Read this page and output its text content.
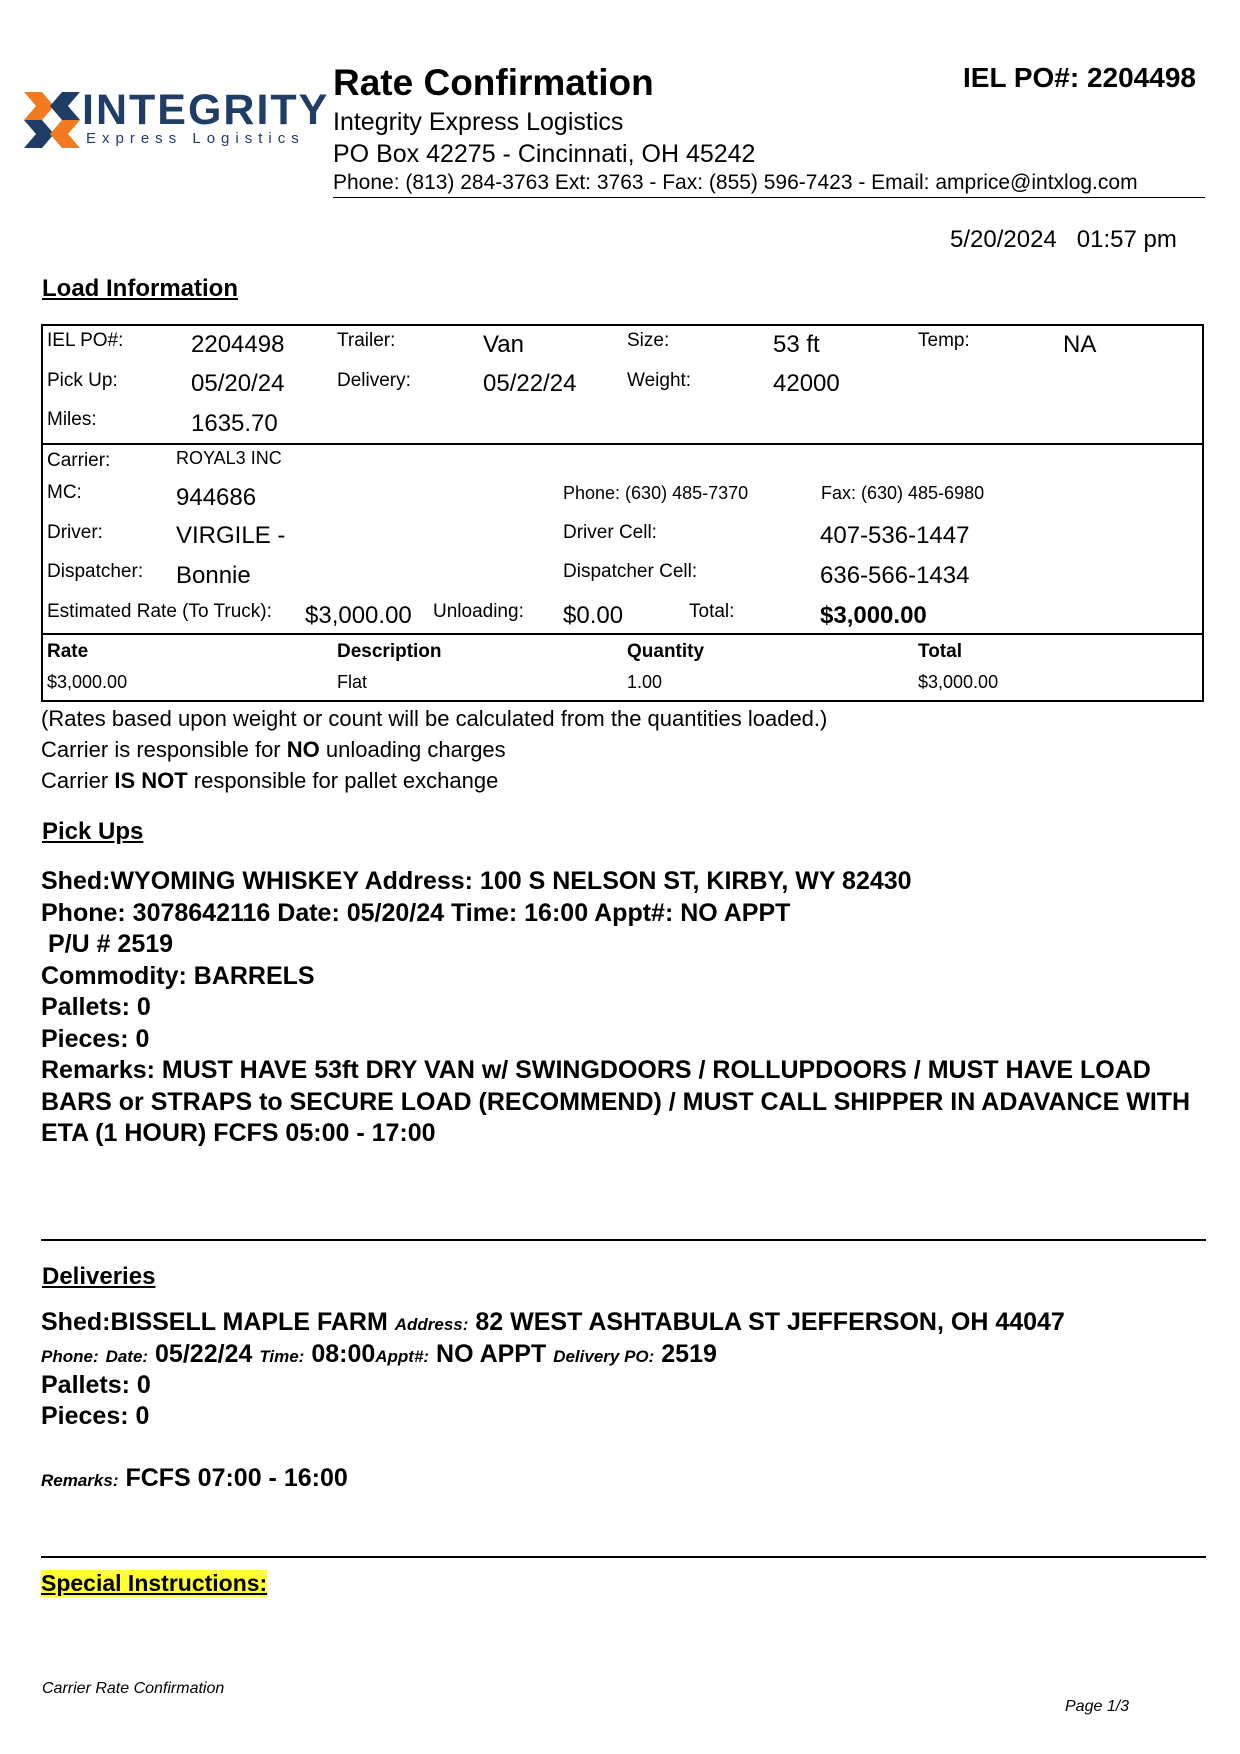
INTEGRITY
Express Logistics
Rate Confirmation	IEL PO#: 2204498
Integrity Express Logistics
PO Box 42275 - Cincinnati, OH 45242
Phone: (813) 284-3763 Ext: 3763 - Fax: (855) 596-7423 - Email: amprice@intxlog.com
5/20/2024 01:57 pm
Load Information
IEL PO#:	2204498	Trailer:	Van	Size:	53 ft	Temp:	NA
Pick Up:	05/20/24	Delivery:	05/22/24	Weight:	42000
Miles:	1635.70
Carrier:	ROYAL3 INC
MC:	944686	Phone: (630) 485-7370	Fax: (630) 485-6980
Driver:	VIRGILE -	Driver Cell:	407-536-1447
Dispatcher: Bonnie	Dispatcher Cell:	636-566-1434
Estimated Rate (To Truck): $3,000.00 Unloading: $0.00	Total:	$3,000.00
Rate	Description	Quantity	Total
$3,000.00	Flat	1.00	$3,000.00
(Rates based upon weight or count will be calculated from the quantities loaded.)
Carrier is responsible for NO unloading charges
Carrier IS NOT responsible for pallet exchange
Pick Ups
Shed:WYOMING WHISKEY Address: 100 S NELSON ST, KIRBY, WY 82430
Phone: 3078642116 Date: 05/20/24 Time: 16:00 Appt#: NO APPT
P/U # 2519
Commodity: BARRELS
Pallets: 0
Pieces: 0
Remarks: MUST HAVE 53ft DRY VAN w/ SWINGDOORS / ROLLUPDOORS / MUST HAVE LOAD
BARS or STRAPS to SECURE LOAD (RECOMMEND) / MUST CALL SHIPPER IN ADAVANCE WITH
ETA (1 HOUR) FCFS 05:00 - 17:00
Deliveries
Shed:BISSELL MAPLE FARM Address: 82 WEST ASHTABULA ST JEFFERSON, OH 44047
Phone: Date: 05/22/24 Time: 08:00Appt#: NO APPT Delivery PO: 2519
Pallets: 0
Pieces: 0
Remarks: FCFS 07:00 - 16:00
Special Instructions:
Carrier Rate Confirmation
Page 1/3
